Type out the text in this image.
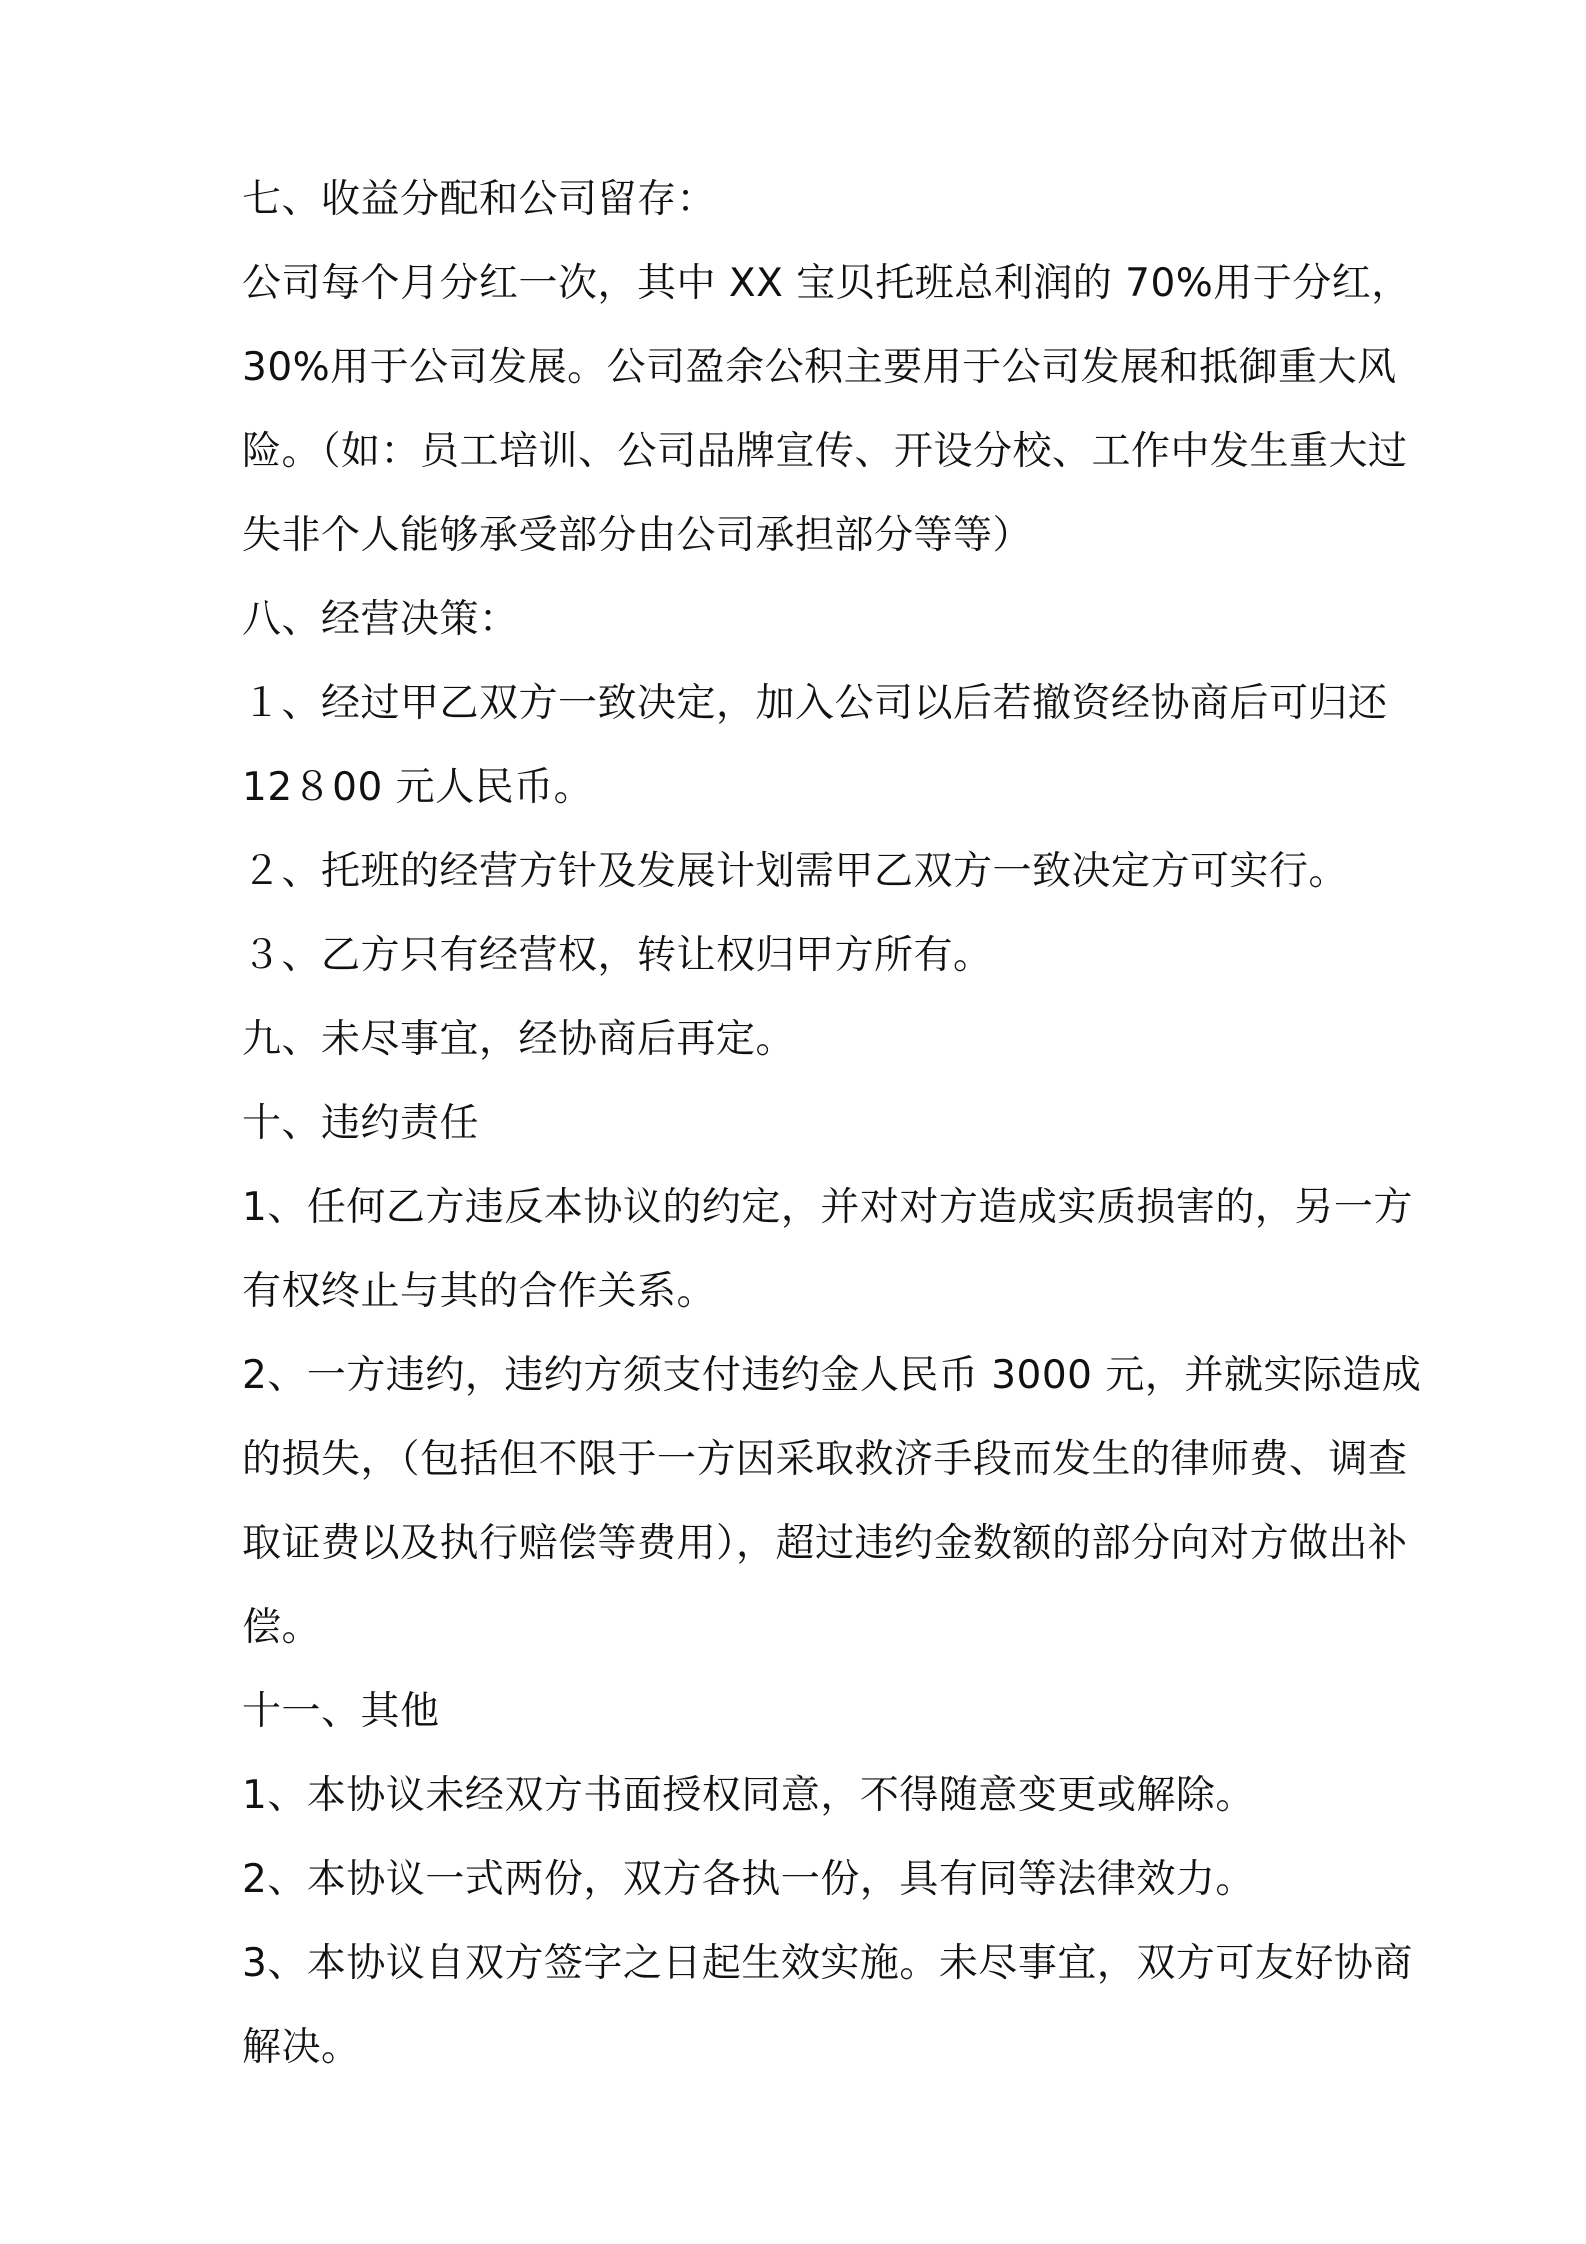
七、收益分配和公司留存：
公司每个月分红一次，其中 XX 宝贝托班总利润的 70%用于分红，
30%用于公司发展。公司盈余公积主要用于公司发展和抵御重大风
险。（如：员工培训、公司品牌宣传、开设分校、工作中发生重大过
失非个人能够承受部分由公司承担部分等等）
八、经营决策：
１、经过甲乙双方一致决定，加入公司以后若撤资经协商后可归还
12８00 元人民币。
２、托班的经营方针及发展计划需甲乙双方一致决定方可实行。
３、乙方只有经营权，转让权归甲方所有。
九、未尽事宜，经协商后再定。
十、违约责任
1、任何乙方违反本协议的约定，并对对方造成实质损害的，另一方
有权终止与其的合作关系。
2、一方违约，违约方须支付违约金人民币 3000 元，并就实际造成
的损失，（包括但不限于一方因采取救济手段而发生的律师费、调查
取证费以及执行赔偿等费用），超过违约金数额的部分向对方做出补
偿。
十一、其他
1、本协议未经双方书面授权同意，不得随意变更或解除。
2、本协议一式两份，双方各执一份，具有同等法律效力。
3、本协议自双方签字之日起生效实施。未尽事宜，双方可友好协商
解决。
